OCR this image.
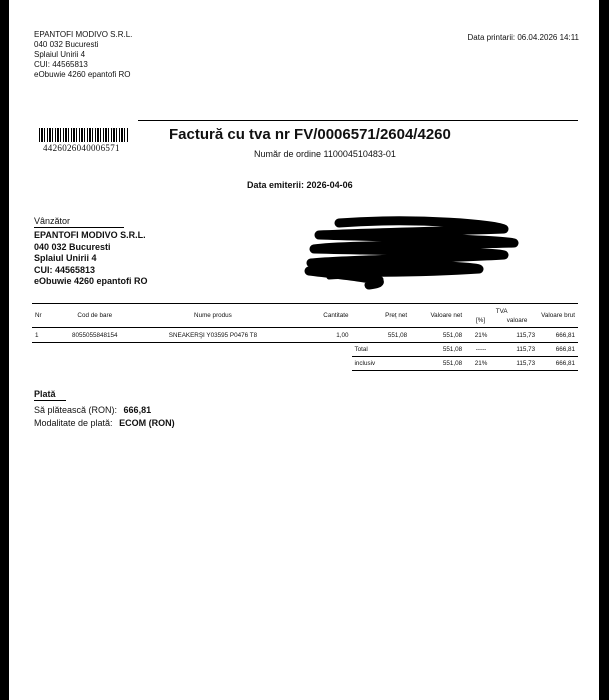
EPANTOFI MODIVO S.R.L.
040 032 Bucuresti
Splaiul Unirii 4
CUI: 44565813
eObuwie 4260 epantofi RO
Data printarii: 06.04.2026 14:11
4426026040006571
Factură cu tva nr FV/0006571/2604/4260
Număr de ordine 110004510483-01
Data emiterii: 2026-04-06
Vânzător
EPANTOFI MODIVO S.R.L.
040 032 Bucuresti
Splaiul Unirii 4
CUI: 44565813
eObuwie 4260 epantofi RO
Nr	Cod de bare	Nume produs	Cantitate	Preț net	Valoare net	TVA
[%] valoare		Valoare brut
1	8055055848154	SNEAKERŞI Y03595 P0476 T8	1,00	551,08	551,08	21%	115,73	666,81
				Total	551,08	-----	115,73	666,81
				inclusiv	551,08	21%	115,73	666,81
Plată
Să plătească (RON): 666,81
Modalitate de plată: ECOM (RON)
